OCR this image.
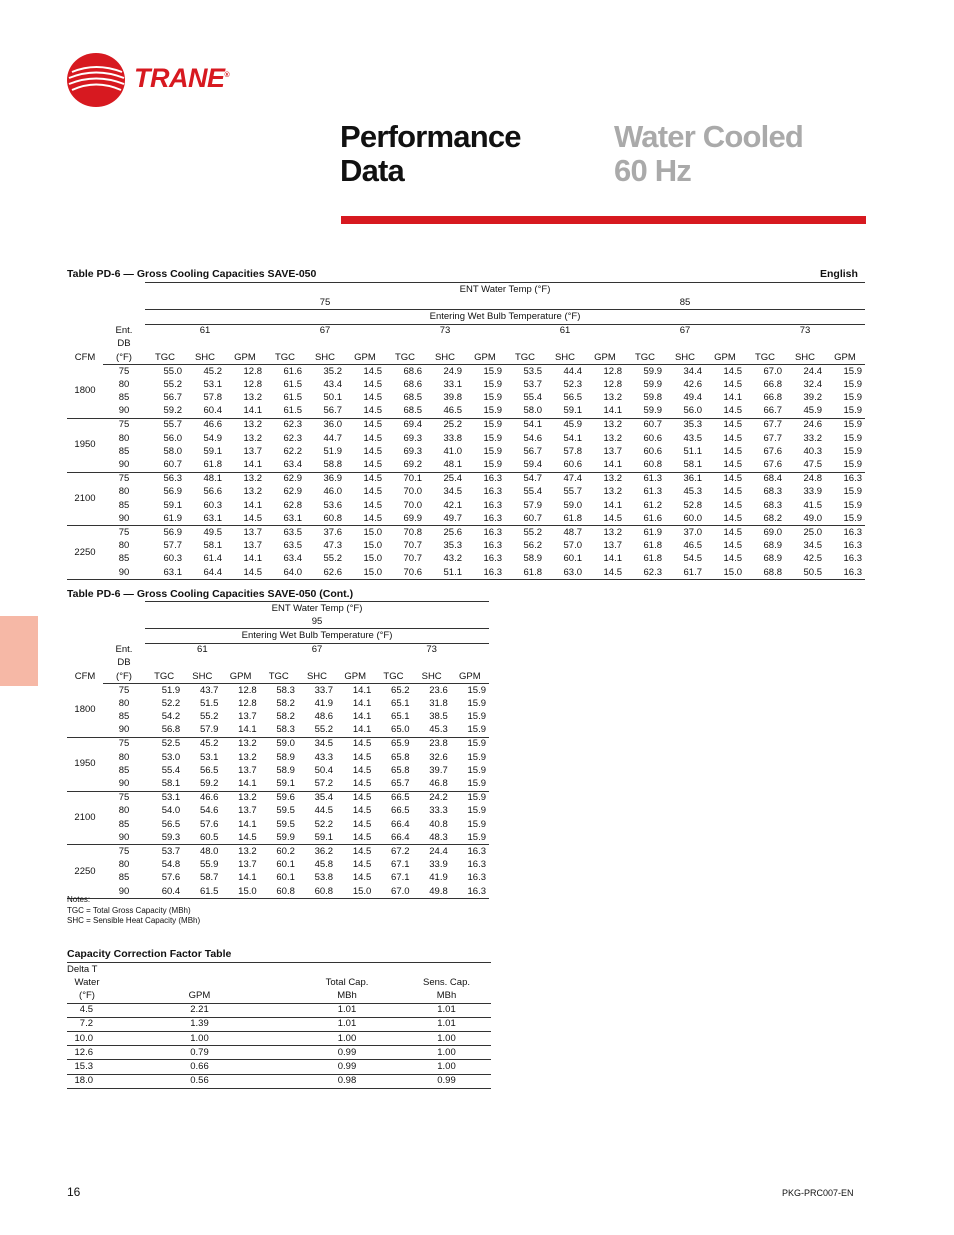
TRANE®
Performance
Data
Water Cooled
60 Hz
Table PD-6 — Gross Cooling Capacities SAVE-050	English
		ENT Water Temp (°F)																	
		75									85								
		Entering Wet Bulb Temperature (°F)																	
	Ent.	61			67			73			61			67			73		
	DB																		
CFM	(°F)	TGC	SHC	GPM	TGC	SHC	GPM	TGC	SHC	GPM	TGC	SHC	GPM	TGC	SHC	GPM	TGC	SHC	GPM
1800	75	55.0	45.2	12.8	61.6	35.2	14.5	68.6	24.9	15.9	53.5	44.4	12.8	59.9	34.4	14.5	67.0	24.4	15.9
	80	55.2	53.1	12.8	61.5	43.4	14.5	68.6	33.1	15.9	53.7	52.3	12.8	59.9	42.6	14.5	66.8	32.4	15.9
	85	56.7	57.8	13.2	61.5	50.1	14.5	68.5	39.8	15.9	55.4	56.5	13.2	59.8	49.4	14.1	66.8	39.2	15.9
	90	59.2	60.4	14.1	61.5	56.7	14.5	68.5	46.5	15.9	58.0	59.1	14.1	59.9	56.0	14.5	66.7	45.9	15.9
1950	75	55.7	46.6	13.2	62.3	36.0	14.5	69.4	25.2	15.9	54.1	45.9	13.2	60.7	35.3	14.5	67.7	24.6	15.9
	80	56.0	54.9	13.2	62.3	44.7	14.5	69.3	33.8	15.9	54.6	54.1	13.2	60.6	43.5	14.5	67.7	33.2	15.9
	85	58.0	59.1	13.7	62.2	51.9	14.5	69.3	41.0	15.9	56.7	57.8	13.7	60.6	51.1	14.5	67.6	40.3	15.9
	90	60.7	61.8	14.1	63.4	58.8	14.5	69.2	48.1	15.9	59.4	60.6	14.1	60.8	58.1	14.5	67.6	47.5	15.9
2100	75	56.3	48.1	13.2	62.9	36.9	14.5	70.1	25.4	16.3	54.7	47.4	13.2	61.3	36.1	14.5	68.4	24.8	16.3
	80	56.9	56.6	13.2	62.9	46.0	14.5	70.0	34.5	16.3	55.4	55.7	13.2	61.3	45.3	14.5	68.3	33.9	15.9
	85	59.1	60.3	14.1	62.8	53.6	14.5	70.0	42.1	16.3	57.9	59.0	14.1	61.2	52.8	14.5	68.3	41.5	15.9
	90	61.9	63.1	14.5	63.1	60.8	14.5	69.9	49.7	16.3	60.7	61.8	14.5	61.6	60.0	14.5	68.2	49.0	15.9
2250	75	56.9	49.5	13.7	63.5	37.6	15.0	70.8	25.6	16.3	55.2	48.7	13.2	61.9	37.0	14.5	69.0	25.0	16.3
	80	57.7	58.1	13.7	63.5	47.3	15.0	70.7	35.3	16.3	56.2	57.0	13.7	61.8	46.5	14.5	68.9	34.5	16.3
	85	60.3	61.4	14.1	63.4	55.2	15.0	70.7	43.2	16.3	58.9	60.1	14.1	61.8	54.5	14.5	68.9	42.5	16.3
	90	63.1	64.4	14.5	64.0	62.6	15.0	70.6	51.1	16.3	61.8	63.0	14.5	62.3	61.7	15.0	68.8	50.5	16.3
Table PD-6 — Gross Cooling Capacities SAVE-050 (Cont.)
		ENT Water Temp (°F)								
		95								
		Entering Wet Bulb Temperature (°F)								
	Ent.	61			67			73		
	DB									
CFM	(°F)	TGC	SHC	GPM	TGC	SHC	GPM	TGC	SHC	GPM
1800	75	51.9	43.7	12.8	58.3	33.7	14.1	65.2	23.6	15.9
	80	52.2	51.5	12.8	58.2	41.9	14.1	65.1	31.8	15.9
	85	54.2	55.2	13.7	58.2	48.6	14.1	65.1	38.5	15.9
	90	56.8	57.9	14.1	58.3	55.2	14.1	65.0	45.3	15.9
1950	75	52.5	45.2	13.2	59.0	34.5	14.5	65.9	23.8	15.9
	80	53.0	53.1	13.2	58.9	43.3	14.5	65.8	32.6	15.9
	85	55.4	56.5	13.7	58.9	50.4	14.5	65.8	39.7	15.9
	90	58.1	59.2	14.1	59.1	57.2	14.5	65.7	46.8	15.9
2100	75	53.1	46.6	13.2	59.6	35.4	14.5	66.5	24.2	15.9
	80	54.0	54.6	13.7	59.5	44.5	14.5	66.5	33.3	15.9
	85	56.5	57.6	14.1	59.5	52.2	14.5	66.4	40.8	15.9
	90	59.3	60.5	14.5	59.9	59.1	14.5	66.4	48.3	15.9
2250	75	53.7	48.0	13.2	60.2	36.2	14.5	67.2	24.4	16.3
	80	54.8	55.9	13.7	60.1	45.8	14.5	67.1	33.9	16.3
	85	57.6	58.7	14.1	60.1	53.8	14.5	67.1	41.9	16.3
	90	60.4	61.5	15.0	60.8	60.8	15.0	67.0	49.8	16.3
Notes:
TGC = Total Gross Capacity (MBh)
SHC = Sensible Heat Capacity (MBh)
Capacity Correction Factor Table
Delta T			
Water		Total Cap.	Sens. Cap.
(°F)	GPM	MBh	MBh
4.5	2.21	1.01	1.01
7.2	1.39	1.01	1.01
10.0	1.00	1.00	1.00
12.6	0.79	0.99	1.00
15.3	0.66	0.99	1.00
18.0	0.56	0.98	0.99
16	PKG-PRC007-EN
